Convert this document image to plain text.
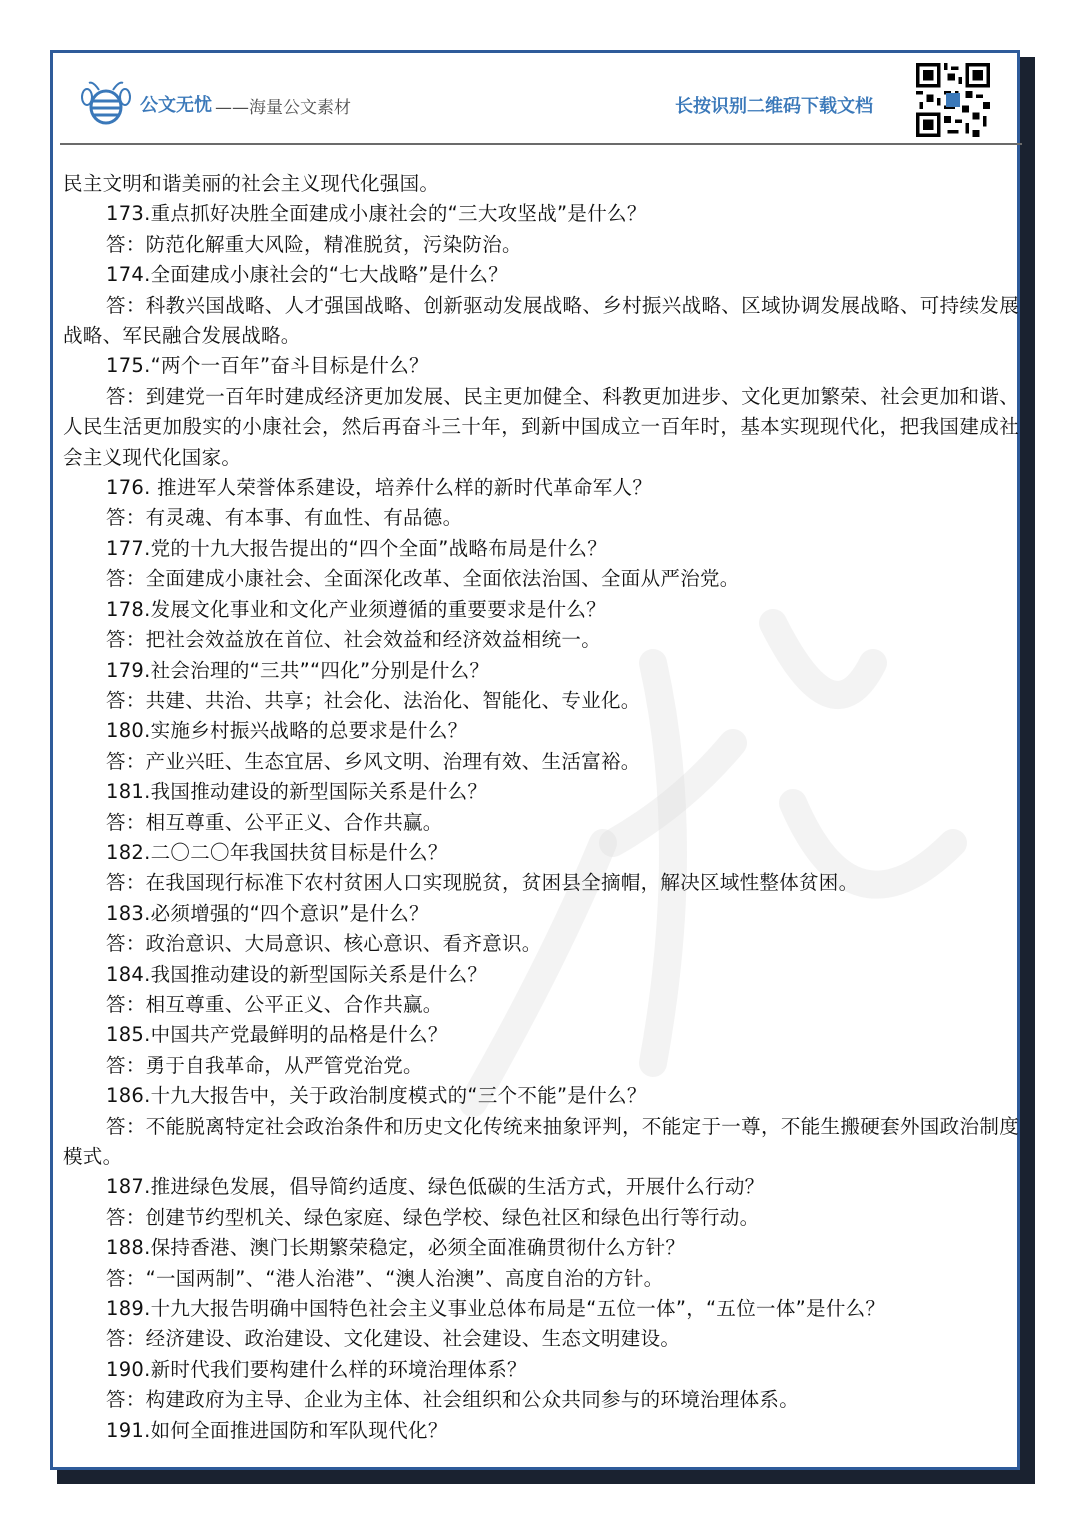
公文无忧 ——海量公文素材	长按识别二维码下载文档
民主文明和谐美丽的社会主义现代化强国。
173.重点抓好决胜全面建成小康社会的“三大攻坚战”是什么？
答：防范化解重大风险，精准脱贫，污染防治。
174.全面建成小康社会的“七大战略”是什么？
答：科教兴国战略、人才强国战略、创新驱动发展战略、乡村振兴战略、区域协调发展战略、可持续发展战略、军民融合发展战略。
175.“两个一百年”奋斗目标是什么？
答：到建党一百年时建成经济更加发展、民主更加健全、科教更加进步、文化更加繁荣、社会更加和谐、人民生活更加殷实的小康社会，然后再奋斗三十年，到新中国成立一百年时，基本实现现代化，把我国建成社会主义现代化国家。
176. 推进军人荣誉体系建设，培养什么样的新时代革命军人？
答：有灵魂、有本事、有血性、有品德。
177.党的十九大报告提出的“四个全面”战略布局是什么？
答：全面建成小康社会、全面深化改革、全面依法治国、全面从严治党。
178.发展文化事业和文化产业须遵循的重要要求是什么？
答：把社会效益放在首位、社会效益和经济效益相统一。
179.社会治理的“三共”“四化”分别是什么？
答：共建、共治、共享；社会化、法治化、智能化、专业化。
180.实施乡村振兴战略的总要求是什么？
答：产业兴旺、生态宜居、乡风文明、治理有效、生活富裕。
181.我国推动建设的新型国际关系是什么？
答：相互尊重、公平正义、合作共赢。
182.二〇二〇年我国扶贫目标是什么？
答：在我国现行标准下农村贫困人口实现脱贫，贫困县全摘帽，解决区域性整体贫困。
183.必须增强的“四个意识”是什么？
答：政治意识、大局意识、核心意识、看齐意识。
184.我国推动建设的新型国际关系是什么？
答：相互尊重、公平正义、合作共赢。
185.中国共产党最鲜明的品格是什么？
答：勇于自我革命，从严管党治党。
186.十九大报告中，关于政治制度模式的“三个不能”是什么？
答：不能脱离特定社会政治条件和历史文化传统来抽象评判，不能定于一尊，不能生搬硬套外国政治制度模式。
187.推进绿色发展，倡导简约适度、绿色低碳的生活方式，开展什么行动？
答：创建节约型机关、绿色家庭、绿色学校、绿色社区和绿色出行等行动。
188.保持香港、澳门长期繁荣稳定，必须全面准确贯彻什么方针？
答：“一国两制”、“港人治港”、“澳人治澳”、高度自治的方针。
189.十九大报告明确中国特色社会主义事业总体布局是“五位一体”，“五位一体”是什么？
答：经济建设、政治建设、文化建设、社会建设、生态文明建设。
190.新时代我们要构建什么样的环境治理体系？
答：构建政府为主导、企业为主体、社会组织和公众共同参与的环境治理体系。
191.如何全面推进国防和军队现代化？
